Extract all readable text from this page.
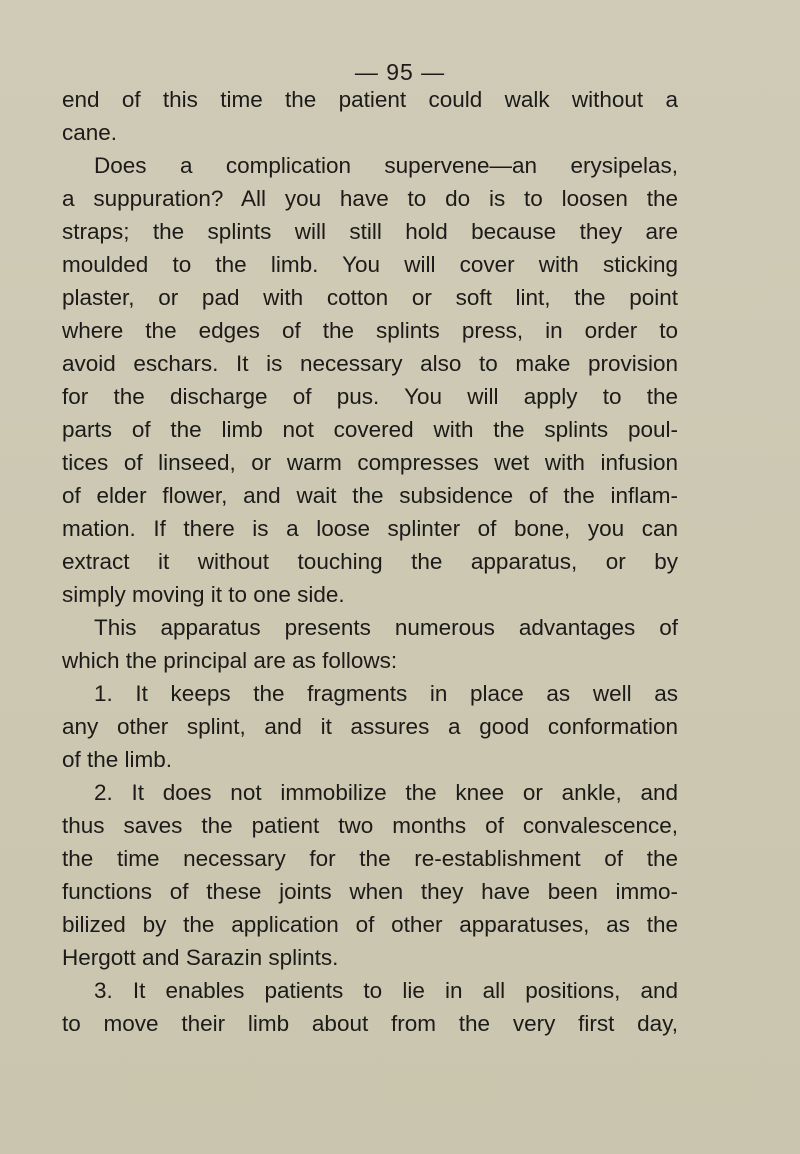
— 95 —
end of this time the patient could walk without a
cane.
Does a complication supervene—an erysipelas,
a suppuration? All you have to do is to loosen the
straps; the splints will still hold because they are
moulded to the limb. You will cover with sticking
plaster, or pad with cotton or soft lint, the point
where the edges of the splints press, in order to
avoid eschars. It is necessary also to make provision
for the discharge of pus. You will apply to the
parts of the limb not covered with the splints poul-
tices of linseed, or warm compresses wet with infusion
of elder flower, and wait the subsidence of the inflam-
mation. If there is a loose splinter of bone, you can
extract it without touching the apparatus, or by
simply moving it to one side.
This apparatus presents numerous advantages of
which the principal are as follows:
1. It keeps the fragments in place as well as
any other splint, and it assures a good conformation
of the limb.
2. It does not immobilize the knee or ankle, and
thus saves the patient two months of convalescence,
the time necessary for the re-establishment of the
functions of these joints when they have been immo-
bilized by the application of other apparatuses, as the
Hergott and Sarazin splints.
3. It enables patients to lie in all positions, and
to move their limb about from the very first day,
